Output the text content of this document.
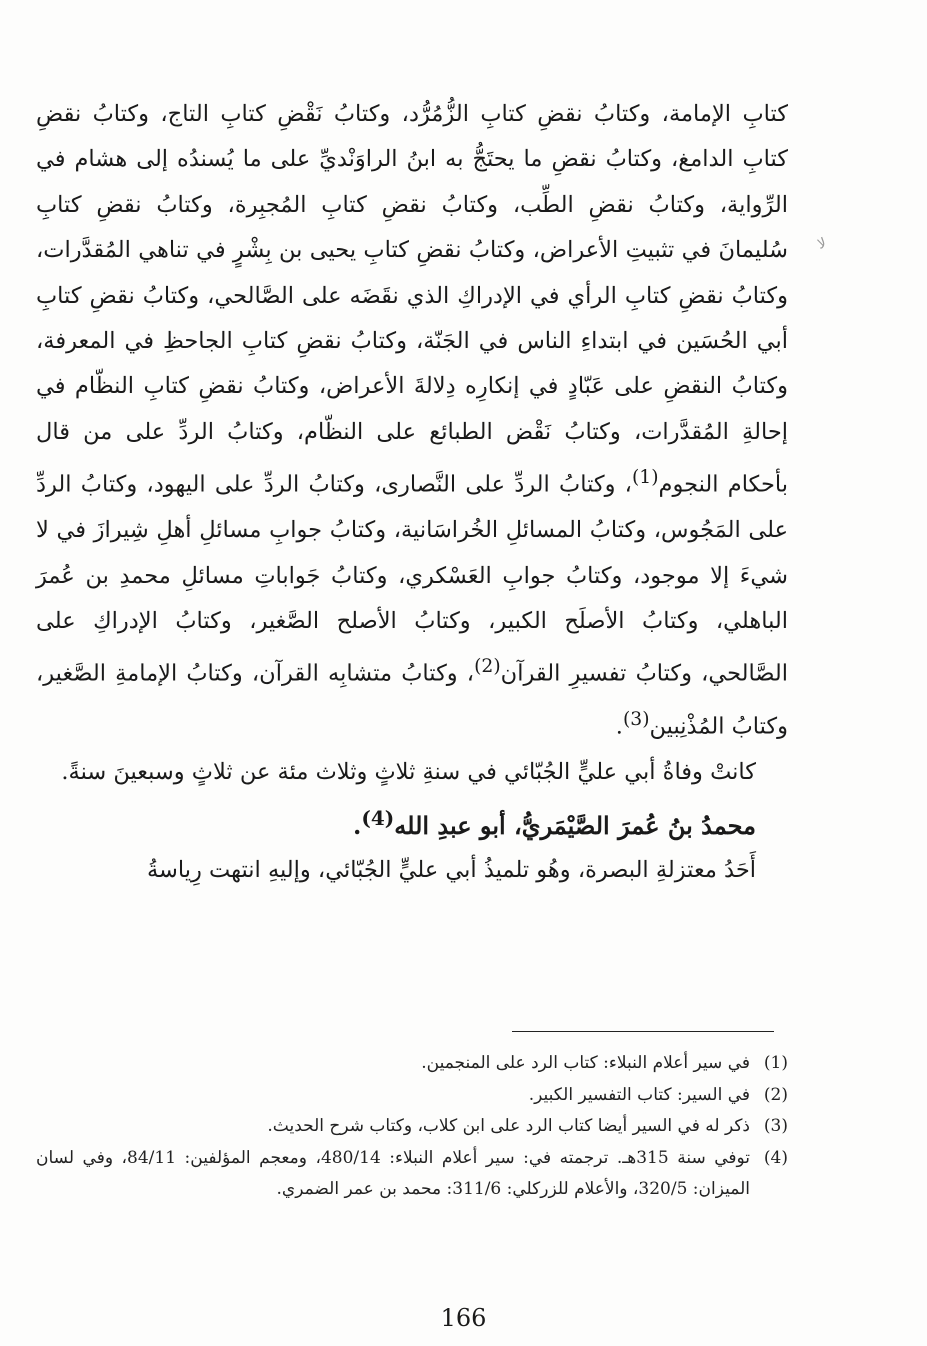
ﻻ

كتابِ الإمامة، وكتابُ نقضِ كتابِ الزُّمُرُّد، وكتابُ نَقْضِ كتابِ التاج، وكتابُ نقضِ كتابِ الدامغ، وكتابُ نقضِ ما يحتَجُّ به ابنُ الراوَنْديِّ على ما يُسندُه إلى هشام في الرِّواية، وكتابُ نقضِ الطِّب، وكتابُ نقضِ كتابِ المُجبِرة، وكتابُ نقضِ كتابِ سُليمانَ في تثبيتِ الأعراض، وكتابُ نقضِ كتابِ يحيى بن بِشْرٍ في تناهي المُقدَّرات، وكتابُ نقضِ كتابِ الرأي في الإدراكِ الذي نقَضَه على الصَّالحي، وكتابُ نقضِ كتابِ أبي الحُسَين في ابتداءِ الناس في الجَنّة، وكتابُ نقضِ كتابِ الجاحظِ في المعرفة، وكتابُ النقضِ على عَبّادٍ في إنكارِه دِلالةَ الأعراض، وكتابُ نقضِ كتابِ النظّام في إحالةِ المُقدَّرات، وكتابُ نَقْض الطبائع على النظّام، وكتابُ الردِّ على من قال بأحكام النجوم$^{(1)}$، وكتابُ الردِّ على النَّصارى، وكتابُ الردِّ على اليهود، وكتابُ الردِّ على المَجُوس، وكتابُ المسائلِ الخُراسَانية، وكتابُ جوابِ مسائلِ أهلِ شِيرازَ في لا شيءَ إلا موجود، وكتابُ جوابِ العَسْكري، وكتابُ جَواباتِ مسائلِ محمدِ بن عُمرَ الباهلي، وكتابُ الأصلَح الكبير، وكتابُ الأصلح الصَّغير، وكتابُ الإدراكِ على الصَّالحي، وكتابُ تفسيرِ القرآن$^{(2)}$، وكتابُ متشابِه القرآن، وكتابُ الإمامةِ الصَّغير، وكتابُ المُذْنِبين$^{(3)}$.

كانتْ وفاةُ أبي عليٍّ الجُبّائي في سنةِ ثلاثٍ وثلاث مئة عن ثلاثٍ وسبعينَ سنةً.

محمدُ بنُ عُمرَ الصَّيْمَريُّ، أبو عبدِ الله$^{(4)}$.

أَحَدُ معتزلةِ البصرة، وهُو تلميذُ أبي عليٍّ الجُبّائي، وإليهِ انتهت رِياسةُ

(1)
في سير أعلام النبلاء: كتاب الرد على المنجمين.
(2)
في السير: كتاب التفسير الكبير.
(3)
ذكر له في السير أيضا كتاب الرد على ابن كلاب، وكتاب شرح الحديث.
(4)
توفي سنة 315هـ. ترجمته في: سير أعلام النبلاء: 480/14، ومعجم المؤلفين: 84/11، وفي لسان الميزان: 320/5، والأعلام للزركلي: 311/6: محمد بن عمر الضمري.
166
